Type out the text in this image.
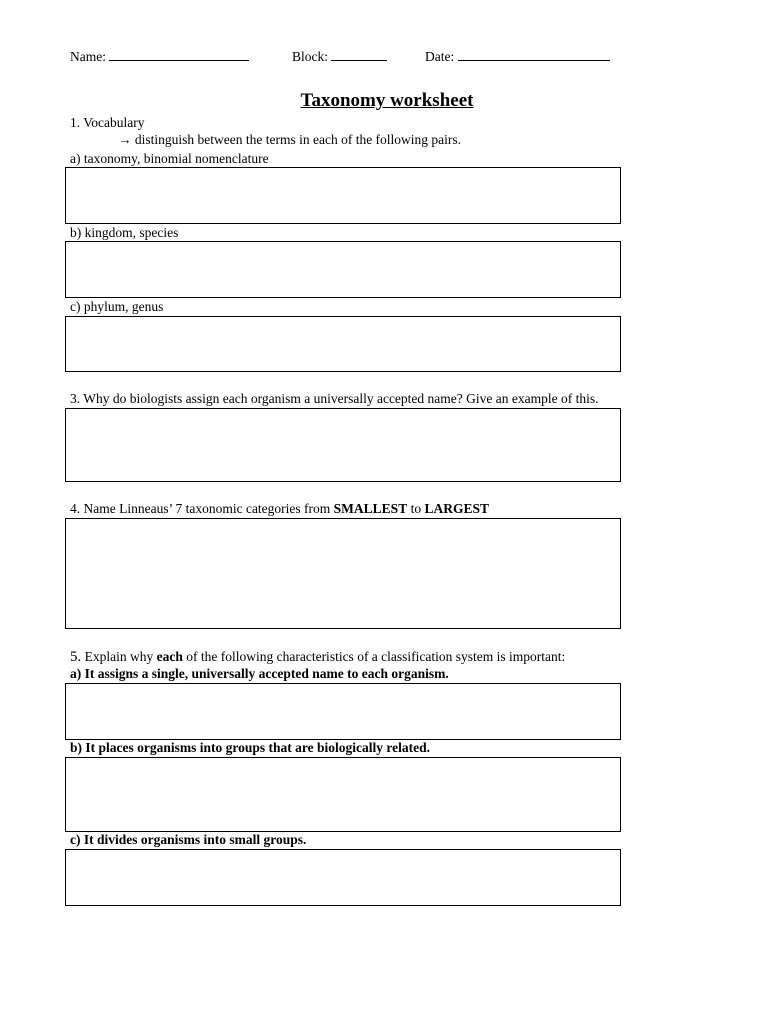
Name:	Block:	Date:
Taxonomy worksheet
1. Vocabulary
→ distinguish between the terms in each of the following pairs.
a) taxonomy, binomial nomenclature
b) kingdom, species
c) phylum, genus
3. Why do biologists assign each organism a universally accepted name? Give an example of this.
4. Name Linneaus’ 7 taxonomic categories from SMALLEST to LARGEST
5. Explain why each of the following characteristics of a classification system is important:
a) It assigns a single, universally accepted name to each organism.
b) It places organisms into groups that are biologically related.
c) It divides organisms into small groups.
